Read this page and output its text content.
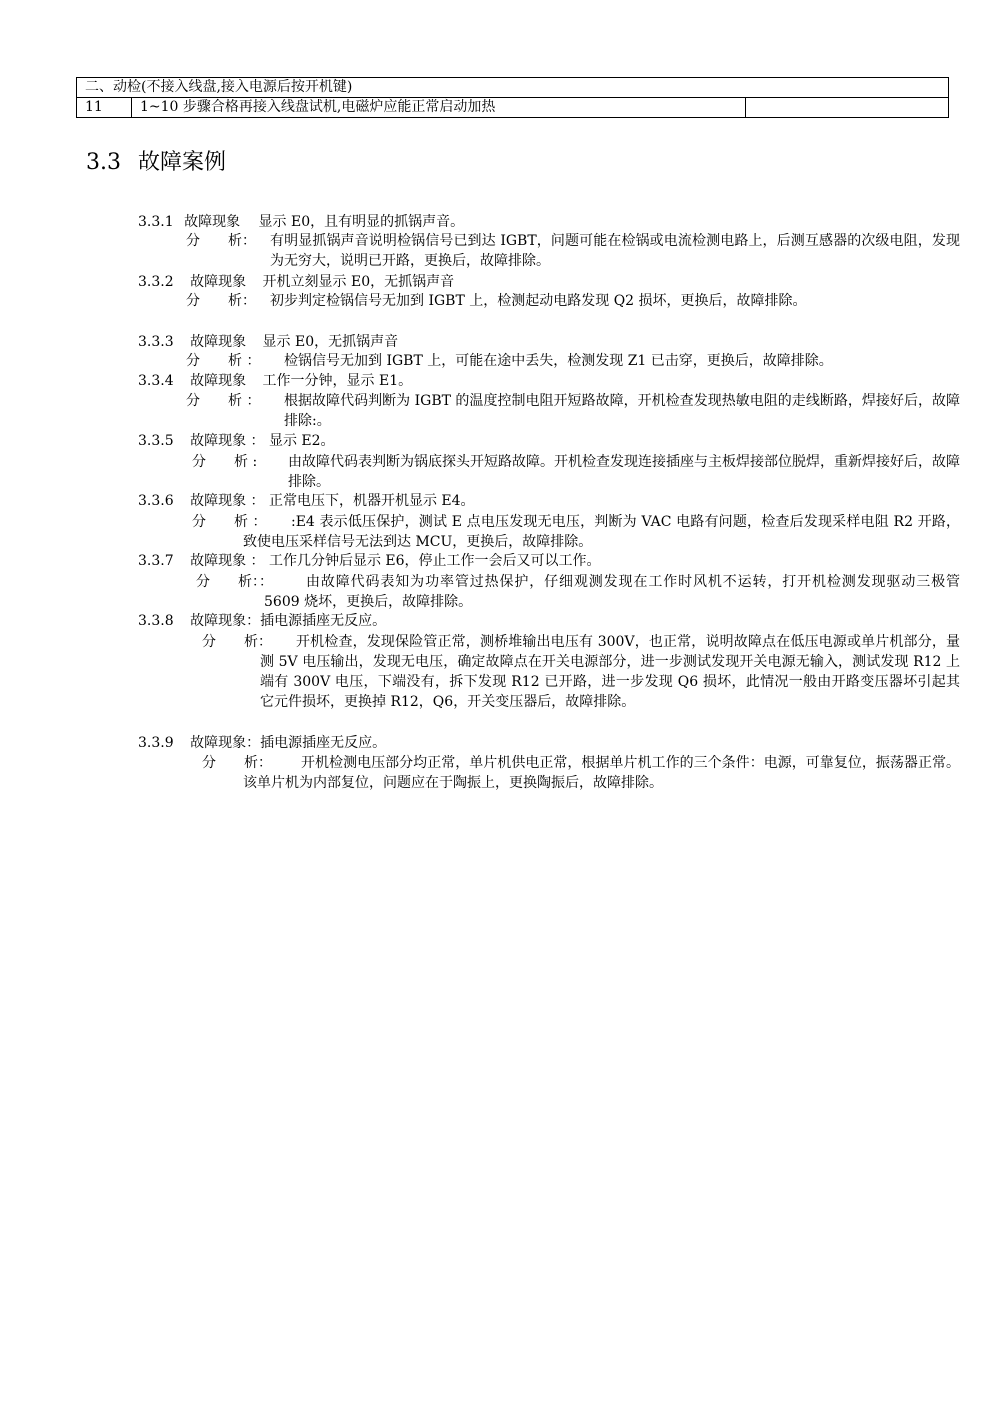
二、动检(不接入线盘,接入电源后按开机键)
11	1~10 步骤合格再接入线盘试机,电磁炉应能正常启动加热	
3.3 故障案例
3.3.1 故障现象 显示 E0，且有明显的抓锅声音。
分　　析： 有明显抓锅声音说明检锅信号已到达 IGBT，问题可能在检锅或电流检测电路上，后测互感器的次级电阻，发现为无穷大，说明已开路，更换后，故障排除。
3.3.2 故障现象 开机立刻显示 E0，无抓锅声音
分　　析： 初步判定检锅信号无加到 IGBT 上，检测起动电路发现 Q2 损坏，更换后，故障排除。
3.3.3 故障现象 显示 E0，无抓锅声音
分　　析 ： 检锅信号无加到 IGBT 上，可能在途中丢失，检测发现 Z1 已击穿，更换后，故障排除。
3.3.4 故障现象 工作一分钟，显示 E1。
分　　析 ： 根据故障代码判断为 IGBT 的温度控制电阻开短路故障，开机检查发现热敏电阻的走线断路，焊接好后，故障排除:。
3.3.5 故障现象 ： 显示 E2。
分　　析 : 由故障代码表判断为锅底探头开短路故障。开机检查发现连接插座与主板焊接部位脱焊，重新焊接好后，故障排除。
3.3.6 故障现象 ： 正常电压下，机器开机显示 E4。
分　　析 ：	:E4 表示低压保护，测试 E 点电压发现无电压，判断为 VAC 电路有问题，检查后发现采样电阻 R2 开路，致使电压采样信号无法到达 MCU，更换后，故障排除。
3.3.7 故障现象 ： 工作几分钟后显示 E6，停止工作一会后又可以工作。
分　　析：：	由故障代码表知为功率管过热保护，仔细观测发现在工作时风机不运转，打开机检测发现驱动三极管 5609 烧坏，更换后，故障排除。
3.3.8 故障现象：插电源插座无反应。
分　　析：	开机检查，发现保险管正常，测桥堆输出电压有 300V，也正常，说明故障点在低压电源或单片机部分，量测 5V 电压输出，发现无电压，确定故障点在开关电源部分，进一步测试发现开关电源无输入，测试发现 R12 上端有 300V 电压，下端没有，拆下发现 R12 已开路，进一步发现 Q6 损坏，此情况一般由开路变压器坏引起其它元件损坏，更换掉 R12，Q6，开关变压器后，故障排除。
3.3.9 故障现象：插电源插座无反应。
分　　析：	开机检测电压部分均正常，单片机供电正常，根据单片机工作的三个条件：电源，可靠复位，振荡器正常。该单片机为内部复位，问题应在于陶振上，更换陶振后，故障排除。
